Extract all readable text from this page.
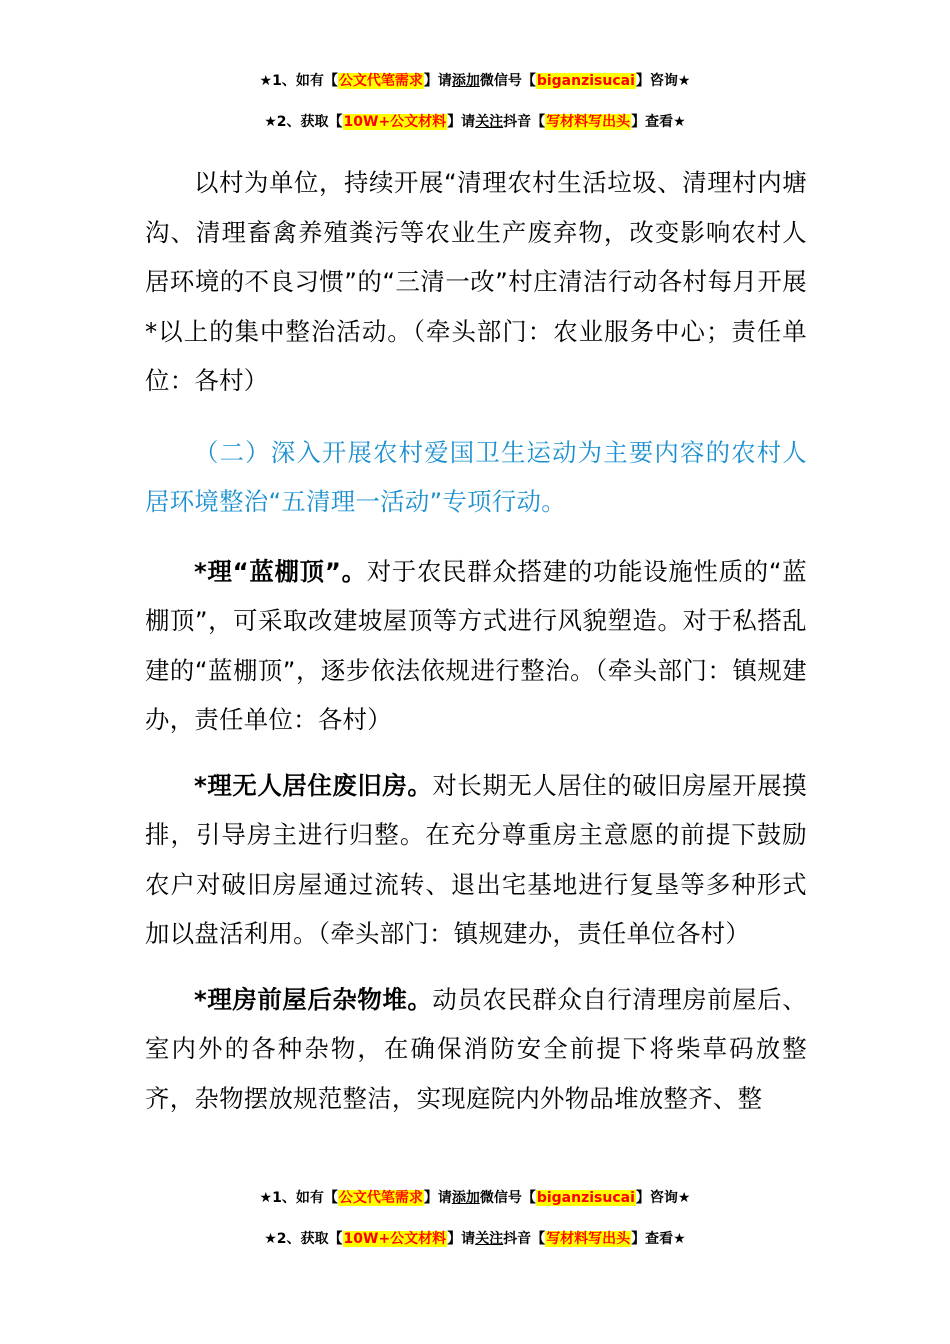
★1、如有【公文代笔需求】请添加微信号【biganzisucai】咨询★
★2、获取【10W+公文材料】请关注抖音【写材料写出头】查看★

以村为单位，持续开展“清理农村生活垃圾、清理村内塘沟、清理畜禽养殖粪污等农业生产废弃物，改变影响农村人居环境的不良习惯”的“三清一改”村庄清洁行动各村每月开展*以上的集中整治活动。（牵头部门：农业服务中心；责任单位：各村）

（二）深入开展农村爱国卫生运动为主要内容的农村人居环境整治“五清理一活动”专项行动。

*理“蓝棚顶”。对于农民群众搭建的功能设施性质的“蓝棚顶”，可采取改建坡屋顶等方式进行风貌塑造。对于私搭乱建的“蓝棚顶”，逐步依法依规进行整治。（牵头部门：镇规建办，责任单位：各村）

*理无人居住废旧房。对长期无人居住的破旧房屋开展摸排，引导房主进行归整。在充分尊重房主意愿的前提下鼓励农户对破旧房屋通过流转、退出宅基地进行复垦等多种形式加以盘活利用。（牵头部门：镇规建办，责任单位各村）

*理房前屋后杂物堆。动员农民群众自行清理房前屋后、室内外的各种杂物，在确保消防安全前提下将柴草码放整齐，杂物摆放规范整洁，实现庭院内外物品堆放整齐、整

★1、如有【公文代笔需求】请添加微信号【biganzisucai】咨询★
★2、获取【10W+公文材料】请关注抖音【写材料写出头】查看★
